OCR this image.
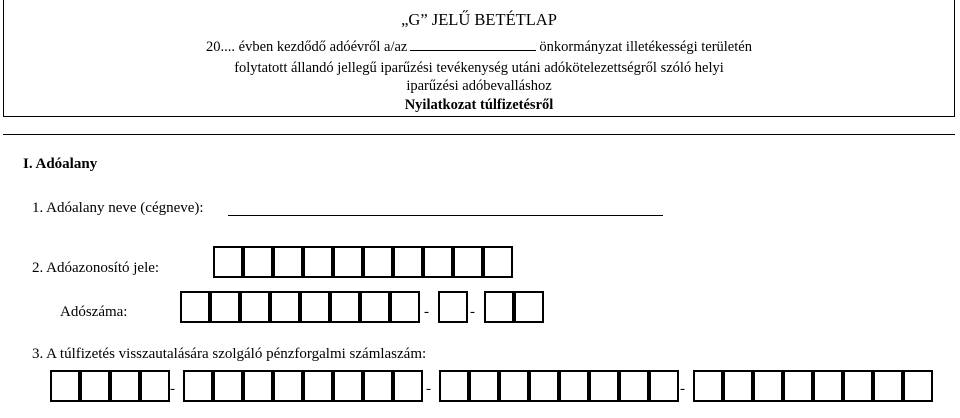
„G” JELŰ BETÉTLAP
20.... évben kezdődő adóévről a/az	önkormányzat illetékességi területén
folytatott állandó jellegű iparűzési tevékenység utáni adókötelezettségről szóló helyi
iparűzési adóbevalláshoz
Nyilatkozat túlfizetésről
I. Adóalany
1. Adóalany neve (cégneve):
2. Adóazonosító jele:
Adószáma:	-	-
3. A túlfizetés visszautalására szolgáló pénzforgalmi számlaszám:
-	-	-
